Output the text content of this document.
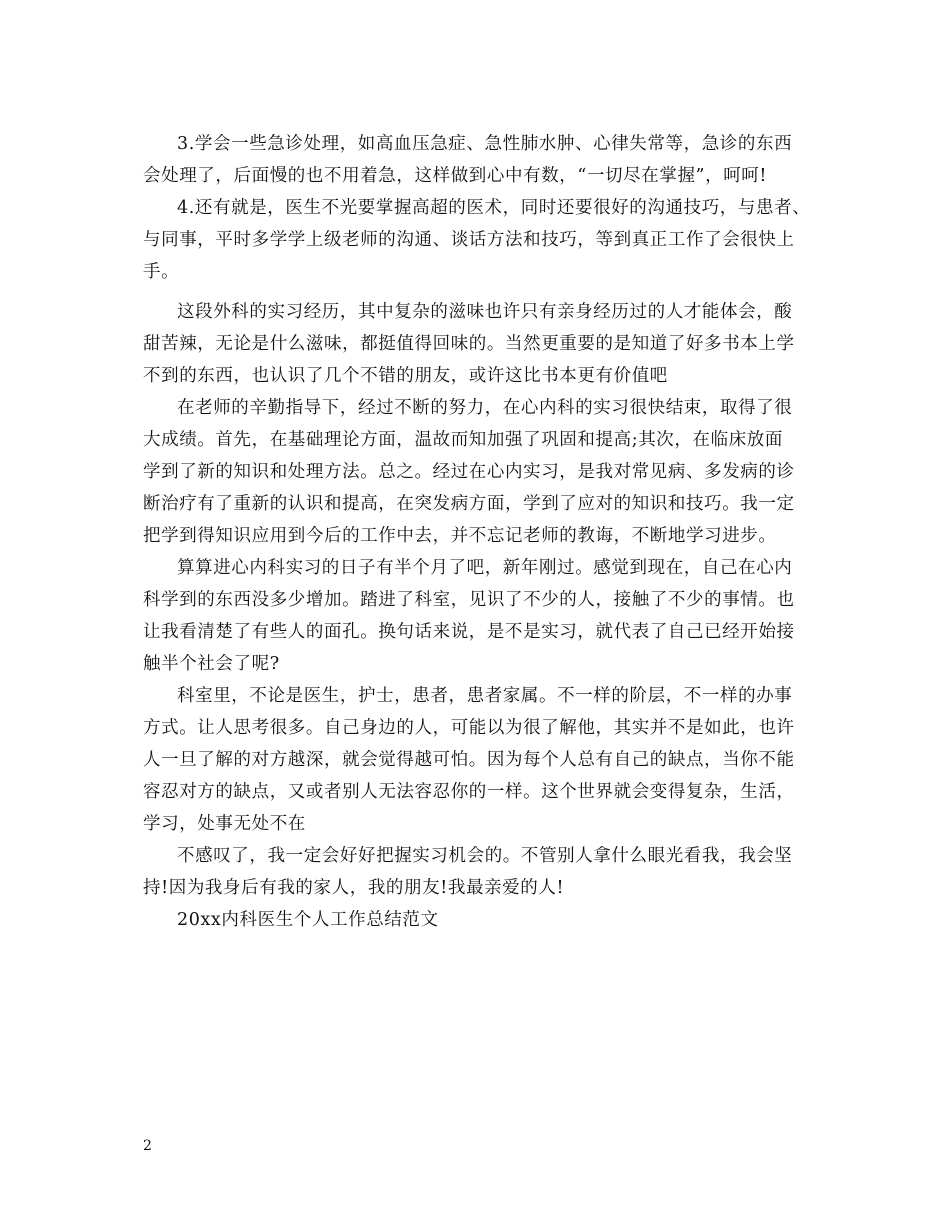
3.学会一些急诊处理，如高血压急症、急性肺水肿、心律失常等，急诊的东西
会处理了，后面慢的也不用着急，这样做到心中有数，“一切尽在掌握”，呵呵!

4.还有就是，医生不光要掌握高超的医术，同时还要很好的沟通技巧，与患者、
与同事，平时多学学上级老师的沟通、谈话方法和技巧，等到真正工作了会很快上
手。

这段外科的实习经历，其中复杂的滋味也许只有亲身经历过的人才能体会，酸
甜苦辣，无论是什么滋味，都挺值得回味的。当然更重要的是知道了好多书本上学
不到的东西，也认识了几个不错的朋友，或许这比书本更有价值吧

在老师的辛勤指导下，经过不断的努力，在心内科的实习很快结束，取得了很
大成绩。首先，在基础理论方面，温故而知加强了巩固和提高;其次，在临床放面
学到了新的知识和处理方法。总之。经过在心内实习，是我对常见病、多发病的诊
断治疗有了重新的认识和提高，在突发病方面，学到了应对的知识和技巧。我一定
把学到得知识应用到今后的工作中去，并不忘记老师的教诲，不断地学习进步。

算算进心内科实习的日子有半个月了吧，新年刚过。感觉到现在，自己在心内
科学到的东西没多少增加。踏进了科室，见识了不少的人，接触了不少的事情。也
让我看清楚了有些人的面孔。换句话来说，是不是实习，就代表了自己已经开始接
触半个社会了呢?

科室里，不论是医生，护士，患者，患者家属。不一样的阶层，不一样的办事
方式。让人思考很多。自己身边的人，可能以为很了解他，其实并不是如此，也许
人一旦了解的对方越深，就会觉得越可怕。因为每个人总有自己的缺点，当你不能
容忍对方的缺点，又或者别人无法容忍你的一样。这个世界就会变得复杂，生活，
学习，处事无处不在

不感叹了，我一定会好好把握实习机会的。不管别人拿什么眼光看我，我会坚
持!因为我身后有我的家人，我的朋友!我最亲爱的人!

20xx内科医生个人工作总结范文

2
